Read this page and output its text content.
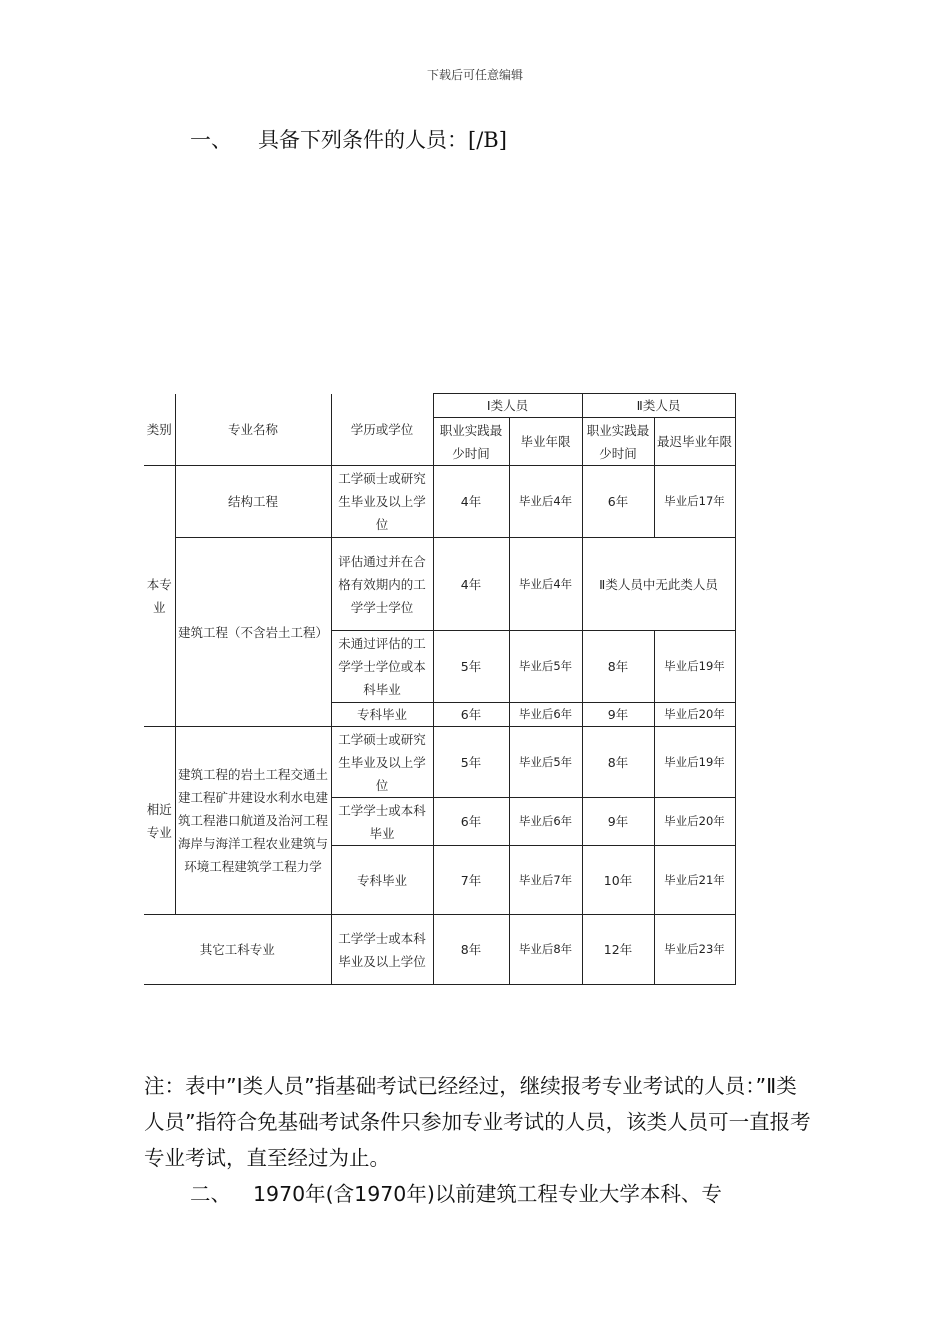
下载后可任意编辑
一、 具备下列条件的人员：[/B]
类别	专业名称	学历或学位	Ⅰ类人员		Ⅱ类人员	
			职业实践最少时间	毕业年限	职业实践最少时间	最迟毕业年限
本专业	结构工程	工学硕士或研究生毕业及以上学位	4年	毕业后4年	6年	毕业后17年
	建筑工程（不含岩土工程）	评估通过并在合格有效期内的工学学士学位	4年	毕业后4年	Ⅱ类人员中无此类人员	
		未通过评估的工学学士学位或本科毕业	5年	毕业后5年	8年	毕业后19年
		专科毕业	6年	毕业后6年	9年	毕业后20年
相近专业	建筑工程的岩土工程交通土建工程矿井建设水利水电建筑工程港口航道及治河工程海岸与海洋工程农业建筑与环境工程建筑学工程力学	工学硕士或研究生毕业及以上学位	5年	毕业后5年	8年	毕业后19年
		工学学士或本科毕业	6年	毕业后6年	9年	毕业后20年
		专科毕业	7年	毕业后7年	10年	毕业后21年
其它工科专业		工学学士或本科毕业及以上学位	8年	毕业后8年	12年	毕业后23年
注：表中”Ⅰ类人员”指基础考试已经经过，继续报考专业考试的人员：”Ⅱ类人员”指符合免基础考试条件只参加专业考试的人员，该类人员可一直报考专业考试，直至经过为止。
二、 1970年(含1970年)以前建筑工程专业大学本科、专
